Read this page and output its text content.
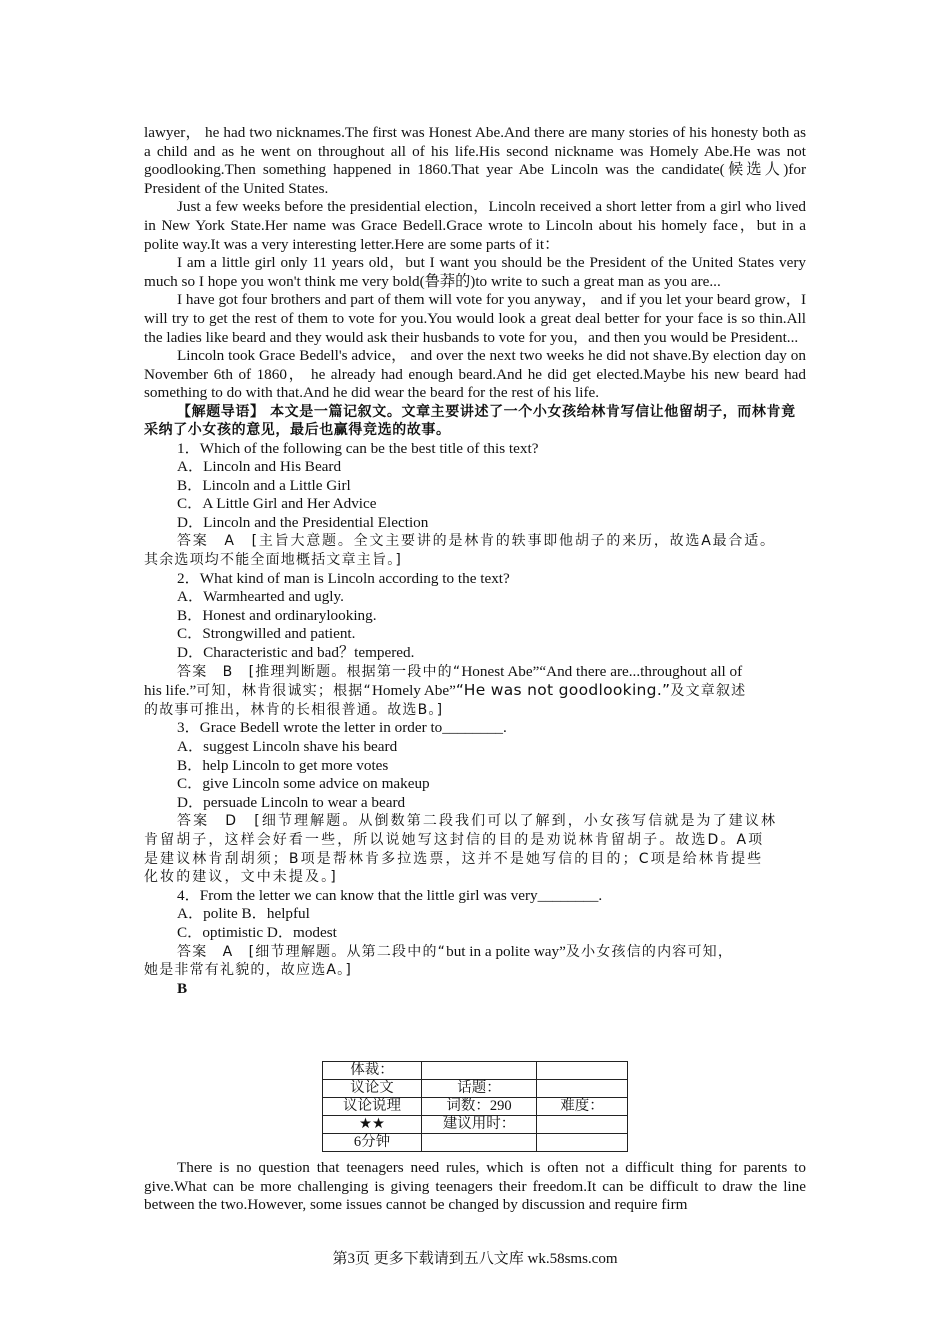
lawyer， he had two nicknames.The first was Honest Abe.And there are many stories of his honesty both as a child and as he went on throughout all of his life.His second nickname was Homely Abe.He was not goodlooking.Then something happened in 1860.That year Abe Lincoln was the candidate(候选人)for President of the United States.

Just a few weeks before the presidential election，Lincoln received a short letter from a girl who lived in New York State.Her name was Grace Bedell.Grace wrote to Lincoln about his homely face，but in a polite way.It was a very interesting letter.Here are some parts of it：

I am a little girl only 11 years old，but I want you should be the President of the United States very much so I hope you won't think me very bold(鲁莽的)to write to such a great man as you are...

I have got four brothers and part of them will vote for you anyway， and if you let your beard grow，I will try to get the rest of them to vote for you.You would look a great deal better for your face is so thin.All the ladies like beard and they would ask their husbands to vote for you，and then you would be President...

Lincoln took Grace Bedell's advice， and over the next two weeks he did not shave.By election day on November 6th of 1860， he already had enough beard.And he did get elected.Maybe his new beard had something to do with that.And he did wear the beard for the rest of his life.

【解题导语】 本文是一篇记叙文。文章主要讲述了一个小女孩给林肯写信让他留胡子，而林肯竟采纳了小女孩的意见，最后也赢得竞选的故事。

1．Which of the following can be the best title of this text?

A．Lincoln and His Beard

B．Lincoln and a Little Girl

C．A Little Girl and Her Advice

D．Lincoln and the Presidential Election

答案　A　[主旨大意题。全文主要讲的是林肯的轶事即他胡子的来历，故选A最合适。

其余选项均不能全面地概括文章主旨。]

2．What kind of man is Lincoln according to the text?

A．Warmhearted and ugly.

B．Honest and ordinarylooking.

C．Strongwilled and patient.

D．Characteristic and bad？tempered.

答案　B　[推理判断题。根据第一段中的“Honest Abe”“And there are...throughout all of

his life.”可知，林肯很诚实；根据“Homely Abe”“He was not goodlooking.”及文章叙述

的故事可推出，林肯的长相很普通。故选B。]

3．Grace Bedell wrote the letter in order to________.

A．suggest Lincoln shave his beard

B．help Lincoln to get more votes

C．give Lincoln some advice on makeup

D．persuade Lincoln to wear a beard

答案　D　[细节理解题。从倒数第二段我们可以了解到，小女孩写信就是为了建议林

肯留胡子，这样会好看一些，所以说她写这封信的目的是劝说林肯留胡子。故选D。A项

是建议林肯刮胡须；B项是帮林肯多拉选票，这并不是她写信的目的；C项是给林肯提些

化妆的建议，文中未提及。]

4．From the letter we can know that the little girl was very________.

A．polite B．helpful

C．optimistic D．modest

答案　A　[细节理解题。从第二段中的“but in a polite way”及小女孩信的内容可知，

她是非常有礼貌的，故应选A。]

B

体裁：		
议论文	话题：	
议论说理	词数：290	难度：
★★	建议用时：	
6分钟		

There is no question that teenagers need rules, which is often not a difficult thing for parents to give.What can be more challenging is giving teenagers their freedom.It can be difficult to draw the line between the two.However, some issues cannot be changed by discussion and require firm

第3页 更多下载请到五八文库 wk.58sms.com
